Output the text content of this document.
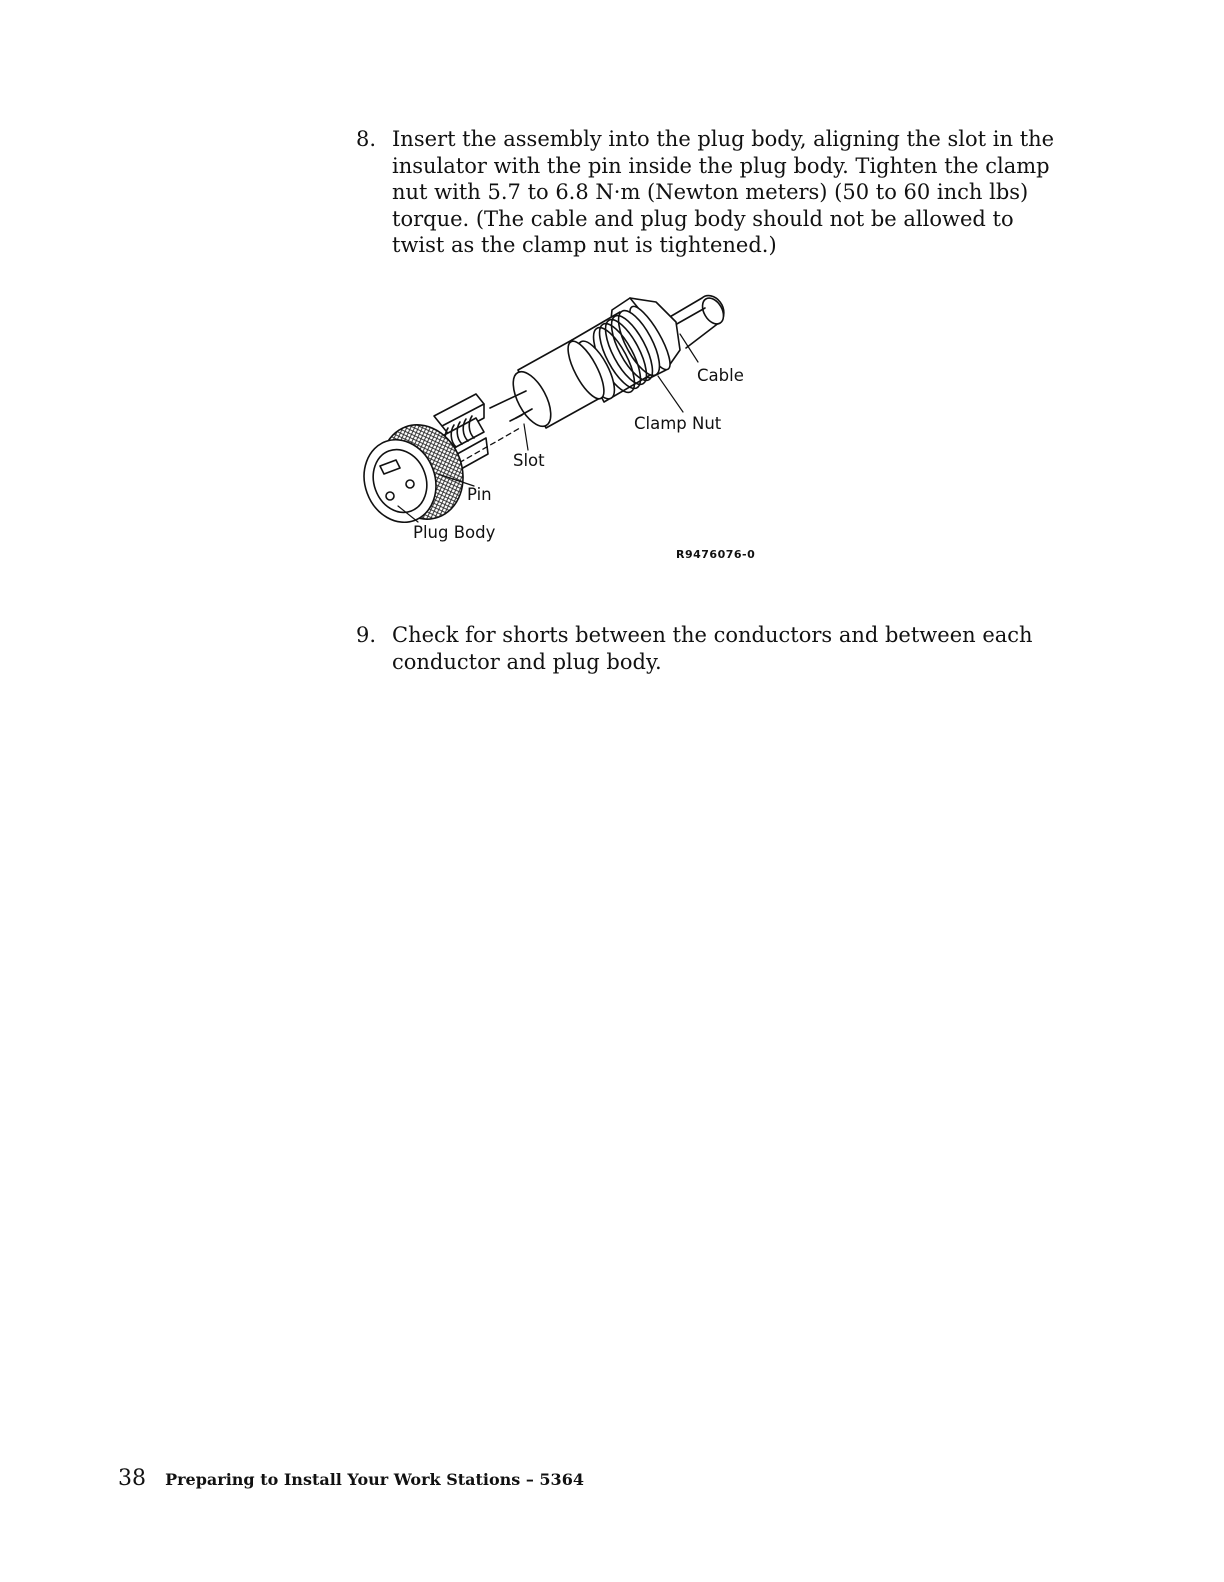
8. Insert the assembly into the plug body, aligning the slot in the
insulator with the pin inside the plug body. Tighten the clamp
nut with 5.7 to 6.8 N·m (Newton meters) (50 to 60 inch lbs)
torque. (The cable and plug body should not be allowed to
twist as the clamp nut is tightened.)
Cable
Clamp Nut
Slot
Pin
Plug Body
R9476076-0
9. Check for shorts between the conductors and between each
conductor and plug body.
38 Preparing to Install Your Work Stations – 5364
